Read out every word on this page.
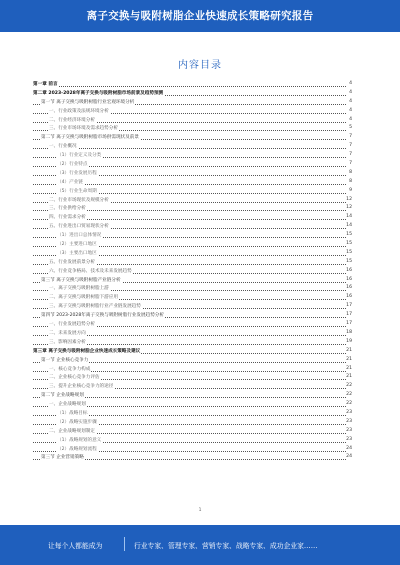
离子交换与吸附树脂企业快速成长策略研究报告
内容目录
第一章 前言	4
第二章 2023-2028年离子交换与吸附树脂市场前景及趋势预测	4
第一节 离子交换与吸附树脂行业宏观环境分析	4
一、行业政策及法规环境分析	4
二、行业经济环境分析	4
三、行业市场环境及需求趋势分析	5
第二节 离子交换与吸附树脂市场供需现状及前景	7
一、行业概况	7
（1）行业定义及分类	7
（2）行业特点	7
（3）行业发展历程	8
（4）产业链	8
（5）行业生命周期	9
二、行业市场现状及规模分析	12
三、行业供给分析	12
四、行业需求分析	14
五、行业进出口贸易现状分析	14
（1）进出口总体情况	15
（2）主要进口地区	15
（3）主要出口地区	15
五、行业发展前景分析	15
六、行业竞争格局、技术及未来发展趋势	16
第三节 离子交换与吸附树脂产业链分析	16
一、离子交换与吸附树脂上游	16
二、离子交换与吸附树脂下游应用	16
三、离子交换与吸附树脂行业产业链发展趋势	17
第四节 2023-2028年离子交换与吸附树脂行业发展趋势分析	17
一、行业发展趋势分析	17
二、未来发展方向	18
三、影响因素分析	19
第三章 离子交换与吸附树脂企业快速成长策略及建议	21
第一节 企业核心竞争力	21
一、核心竞争力构成	21
二、企业核心竞争力评估	21
三、提升企业核心竞争力的途径	22
第二节 企业战略规划	22
一、企业战略规划	22
（1）战略目标	23
（2）战略实施步骤	23
二、企业战略规划制定	23
（1）战略规划的意义	23
（2）战略规划流程	24
第三节 企业营销策略	24
1
让每个人都能成为	行业专家、管理专家、营销专家、战略专家、成功企业家……
